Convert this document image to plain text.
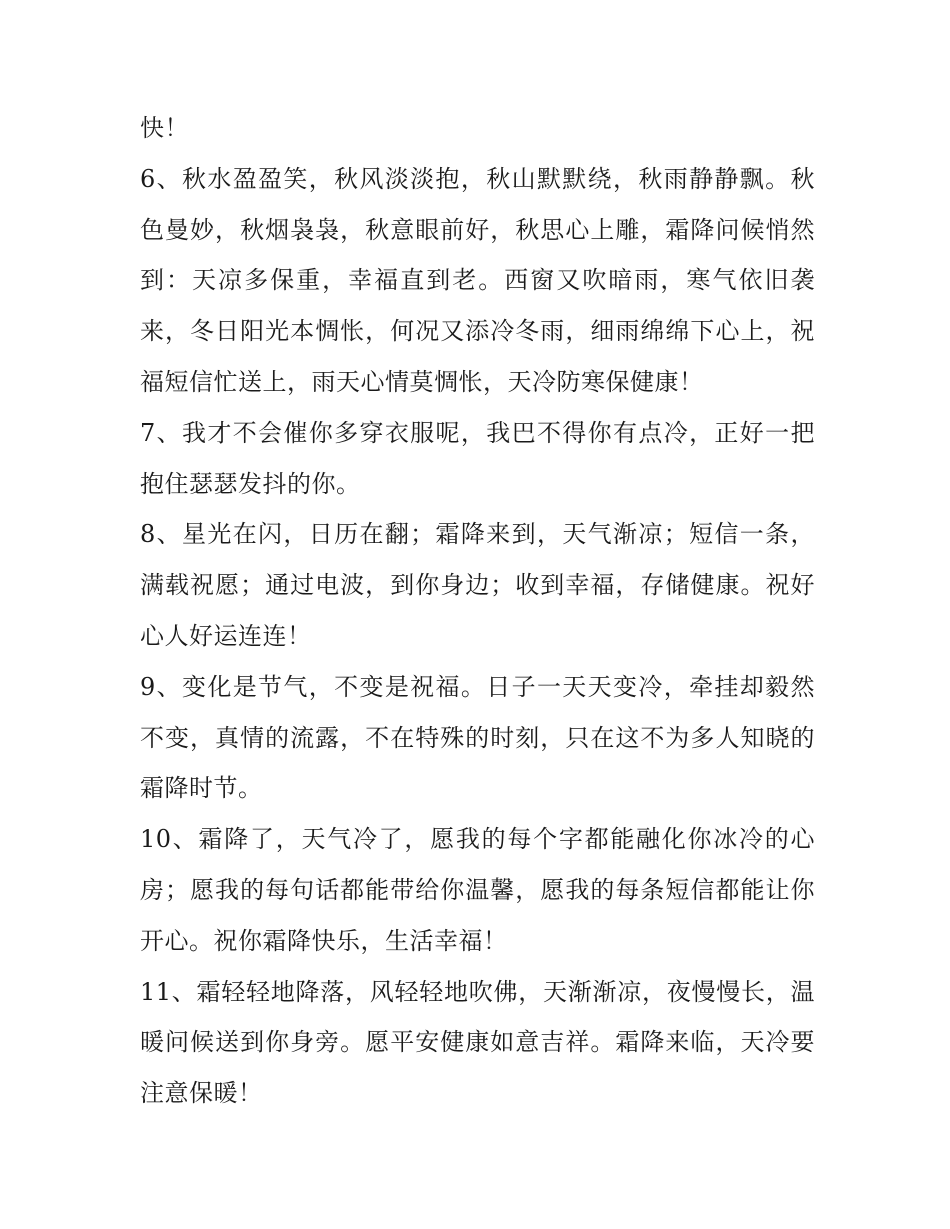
快！

6、秋水盈盈笑，秋风淡淡抱，秋山默默绕，秋雨静静飘。秋色曼妙，秋烟袅袅，秋意眼前好，秋思心上雕，霜降问候悄然到：天凉多保重，幸福直到老。西窗又吹暗雨，寒气依旧袭来，冬日阳光本惆怅，何况又添冷冬雨，细雨绵绵下心上，祝福短信忙送上，雨天心情莫惆怅，天冷防寒保健康！

7、我才不会催你多穿衣服呢，我巴不得你有点冷，正好一把抱住瑟瑟发抖的你。

8、星光在闪，日历在翻；霜降来到，天气渐凉；短信一条，满载祝愿；通过电波，到你身边；收到幸福，存储健康。祝好心人好运连连！

9、变化是节气，不变是祝福。日子一天天变冷，牵挂却毅然不变，真情的流露，不在特殊的时刻，只在这不为多人知晓的霜降时节。

10、霜降了，天气冷了，愿我的每个字都能融化你冰冷的心房；愿我的每句话都能带给你温馨，愿我的每条短信都能让你开心。祝你霜降快乐，生活幸福！

11、霜轻轻地降落，风轻轻地吹佛，天渐渐凉，夜慢慢长，温暖问候送到你身旁。愿平安健康如意吉祥。霜降来临，天冷要注意保暖！
